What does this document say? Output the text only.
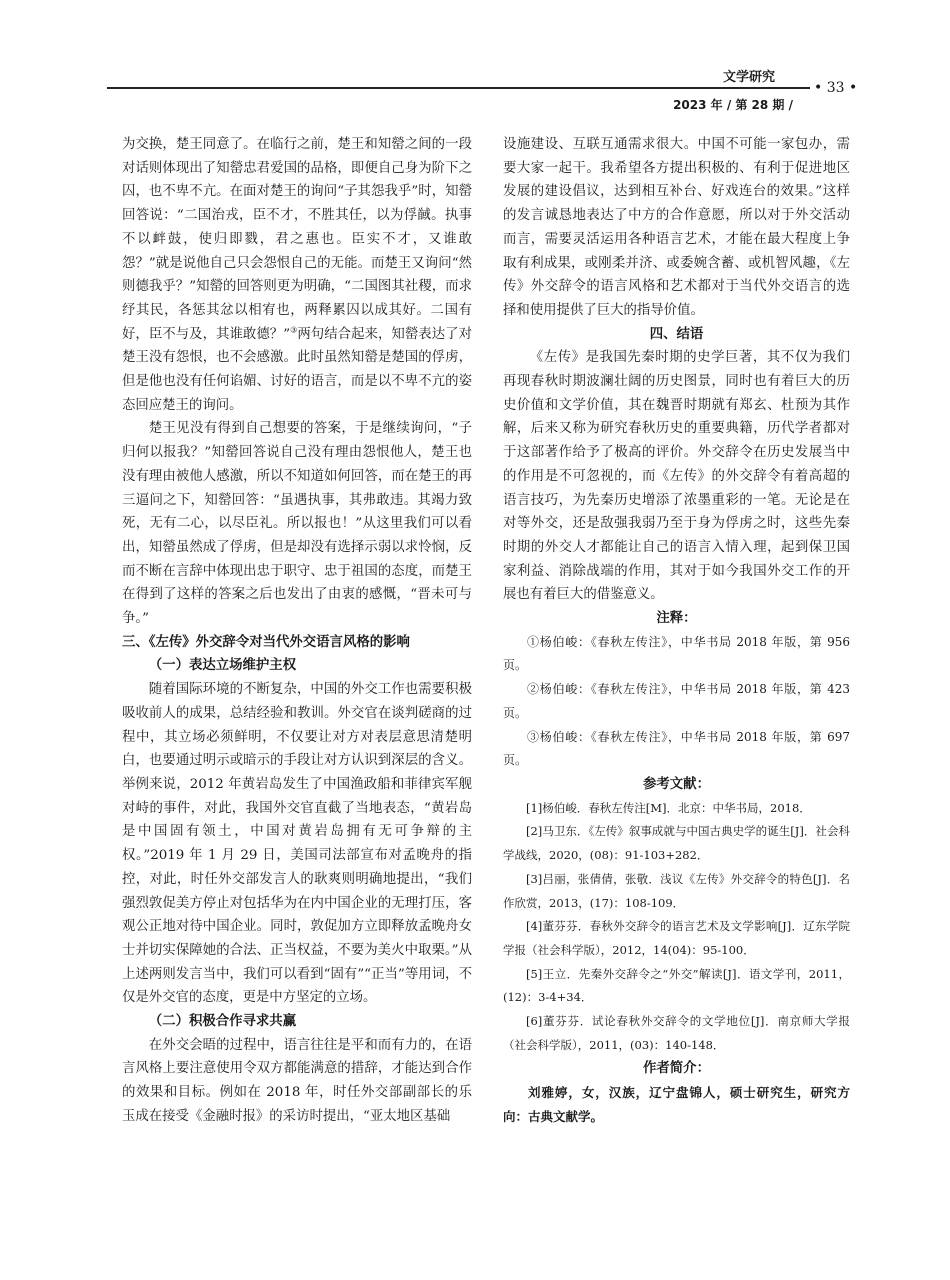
文学研究
• 33 •
2023 年 / 第 28 期 /

为交换，楚王同意了。在临行之前，楚王和知罃之间的一段对话则体现出了知罃忠君爱国的品格，即便自己身为阶下之囚，也不卑不亢。在面对楚王的询问“子其怨我乎”时，知罃回答说：“二国治戎，臣不才，不胜其任，以为俘馘。执事不以衅鼓，使归即戮，君之惠也。臣实不才，又谁敢怨？”就是说他自己只会怨恨自己的无能。而楚王又询问“然则德我乎？”知罃的回答则更为明确，“二国图其社稷，而求纾其民，各惩其忿以相宥也，两释累囚以成其好。二国有好，臣不与及，其谁敢德？”③两句结合起来，知罃表达了对楚王没有怨恨，也不会感激。此时虽然知罃是楚国的俘虏，但是他也没有任何谄媚、讨好的语言，而是以不卑不亢的姿态回应楚王的询问。

楚王见没有得到自己想要的答案，于是继续询问，“子归何以报我？”知罃回答说自己没有理由怨恨他人，楚王也没有理由被他人感激，所以不知道如何回答，而在楚王的再三逼问之下，知罃回答：“虽遇执事，其弗敢违。其竭力致死，无有二心，以尽臣礼。所以报也！”从这里我们可以看出，知罃虽然成了俘虏，但是却没有选择示弱以求怜悯，反而不断在言辞中体现出忠于职守、忠于祖国的态度，而楚王在得到了这样的答案之后也发出了由衷的感慨，“晋未可与争。”

三、《左传》外交辞令对当代外交语言风格的影响
（一）表达立场维护主权

随着国际环境的不断复杂，中国的外交工作也需要积极吸收前人的成果，总结经验和教训。外交官在谈判磋商的过程中，其立场必须鲜明，不仅要让对方对表层意思清楚明白，也要通过明示或暗示的手段让对方认识到深层的含义。举例来说，2012 年黄岩岛发生了中国渔政船和菲律宾军舰对峙的事件，对此，我国外交官直截了当地表态，“黄岩岛是中国固有领土，中国对黄岩岛拥有无可争辩的主权。”2019 年 1 月 29 日，美国司法部宣布对孟晚舟的指控，对此，时任外交部发言人的耿爽则明确地提出，“我们强烈敦促美方停止对包括华为在内中国企业的无理打压，客观公正地对待中国企业。同时，敦促加方立即释放孟晚舟女士并切实保障她的合法、正当权益，不要为美火中取栗。”从上述两则发言当中，我们可以看到“固有”“正当”等用词，不仅是外交官的态度，更是中方坚定的立场。

（二）积极合作寻求共赢

在外交会晤的过程中，语言往往是平和而有力的，在语言风格上要注意使用令双方都能满意的措辞，才能达到合作的效果和目标。例如在 2018 年，时任外交部副部长的乐玉成在接受《金融时报》的采访时提出，“亚太地区基础

设施建设、互联互通需求很大。中国不可能一家包办，需要大家一起干。我希望各方提出积极的、有利于促进地区发展的建设倡议，达到相互补台、好戏连台的效果。”这样的发言诚恳地表达了中方的合作意愿，所以对于外交活动而言，需要灵活运用各种语言艺术，才能在最大程度上争取有利成果，或刚柔并济、或委婉含蓄、或机智风趣，《左传》外交辞令的语言风格和艺术都对于当代外交语言的选择和使用提供了巨大的指导价值。

四、结语

《左传》是我国先秦时期的史学巨著，其不仅为我们再现春秋时期波澜壮阔的历史图景，同时也有着巨大的历史价值和文学价值，其在魏晋时期就有郑玄、杜预为其作解，后来又称为研究春秋历史的重要典籍，历代学者都对于这部著作给予了极高的评价。外交辞令在历史发展当中的作用是不可忽视的，而《左传》的外交辞令有着高超的语言技巧，为先秦历史增添了浓墨重彩的一笔。无论是在对等外交，还是敌强我弱乃至于身为俘虏之时，这些先秦时期的外交人才都能让自己的语言入情入理，起到保卫国家利益、消除战端的作用，其对于如今我国外交工作的开展也有着巨大的借鉴意义。

注释：

①杨伯峻：《春秋左传注》，中华书局 2018 年版，第 956 页。

②杨伯峻：《春秋左传注》，中华书局 2018 年版，第 423 页。

③杨伯峻：《春秋左传注》，中华书局 2018 年版，第 697 页。

参考文献：

[1]杨伯峻．春秋左传注[M]．北京：中华书局，2018．

[2]马卫东．《左传》叙事成就与中国古典史学的诞生[J]．社会科学战线，2020，(08)：91-103+282．

[3]吕丽，张倩倩，张敬．浅议《左传》外交辞令的特色[J]．名作欣赏，2013，(17)：108-109．

[4]董芬芬．春秋外交辞令的语言艺术及文学影响[J]．辽东学院学报（社会科学版），2012，14(04)：95-100．

[5]王立．先秦外交辞令之“外交”解读[J]．语文学刊，2011，(12)：3-4+34．

[6]董芬芬．试论春秋外交辞令的文学地位[J]．南京师大学报（社会科学版），2011，(03)：140-148．

作者简介：

刘雅婷，女，汉族，辽宁盘锦人，硕士研究生，研究方向：古典文献学。
